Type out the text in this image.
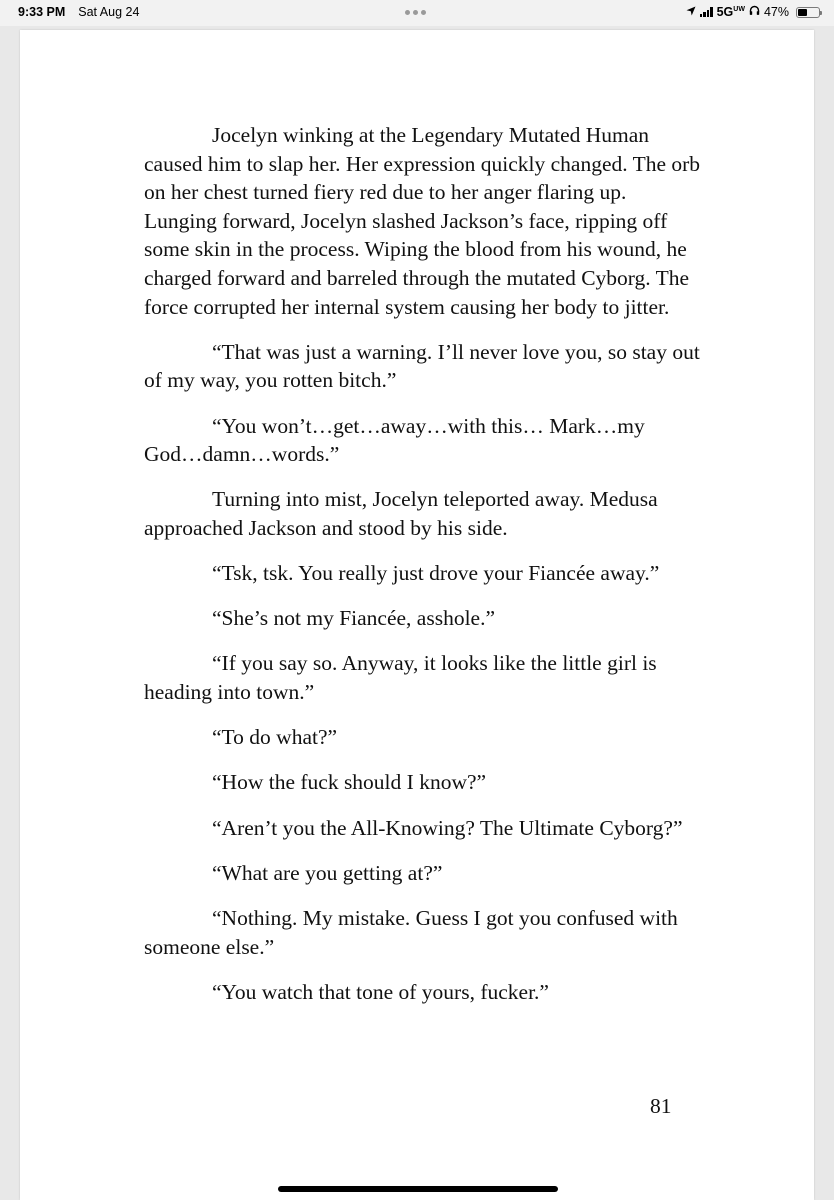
9:33 PM Sat Aug 24	$5G^{UW}$ 47%

Jocelyn winking at the Legendary Mutated Human caused him to slap her. Her expression quickly changed. The orb on her chest turned fiery red due to her anger flaring up. Lunging forward, Jocelyn slashed Jackson’s face, ripping off some skin in the process. Wiping the blood from his wound, he charged forward and barreled through the mutated Cyborg. The force corrupted her internal system causing her body to jitter.

“That was just a warning. I’ll never love you, so stay out of my way, you rotten bitch.”

“You won’t…get…away…with this… Mark…my God…damn…words.”

Turning into mist, Jocelyn teleported away. Medusa approached Jackson and stood by his side.

“Tsk, tsk. You really just drove your Fiancée away.”

“She’s not my Fiancée, asshole.”

“If you say so. Anyway, it looks like the little girl is heading into town.”

“To do what?”

“How the fuck should I know?”

“Aren’t you the All-Knowing? The Ultimate Cyborg?”

“What are you getting at?”

“Nothing. My mistake. Guess I got you confused with someone else.”

“You watch that tone of yours, fucker.”

81
